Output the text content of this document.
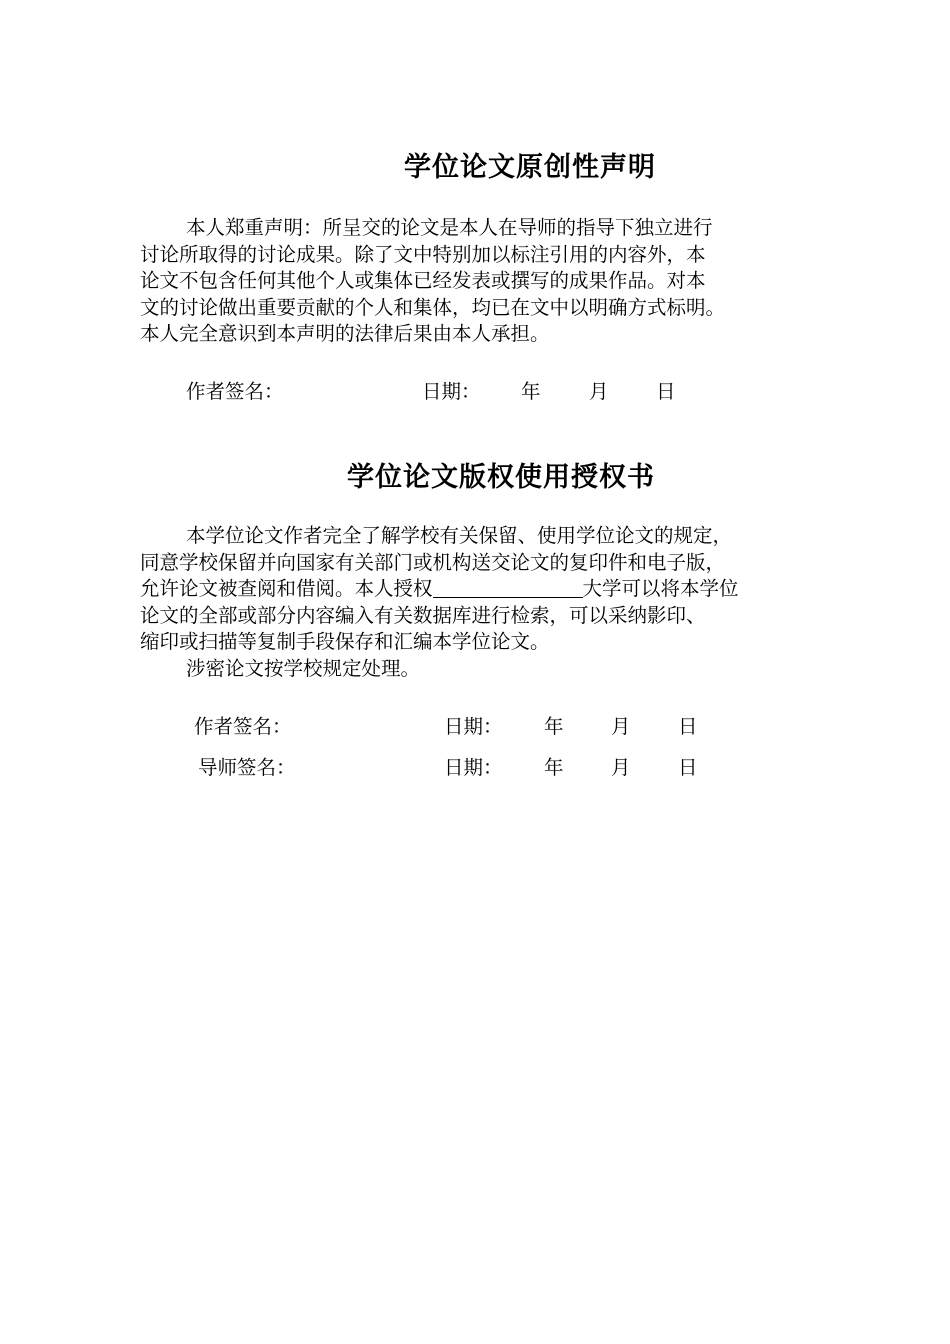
学位论文原创性声明
本人郑重声明：所呈交的论文是本人在导师的指导下独立进行
讨论所取得的讨论成果。除了文中特别加以标注引用的内容外，本
论文不包含任何其他个人或集体已经发表或撰写的成果作品。对本
文的讨论做出重要贡献的个人和集体，均已在文中以明确方式标明。
本人完全意识到本声明的法律后果由本人承担。
作者签名：	日期： 年 月 日
学位论文版权使用授权书
本学位论文作者完全了解学校有关保留、使用学位论文的规定，
同意学校保留并向国家有关部门或机构送交论文的复印件和电子版，
允许论文被查阅和借阅。本人授权	大学可以将本学位
论文的全部或部分内容编入有关数据库进行检索，可以采纳影印、
缩印或扫描等复制手段保存和汇编本学位论文。
涉密论文按学校规定处理。
作者签名：	日期： 年 月 日
导师签名：	日期： 年 月 日
